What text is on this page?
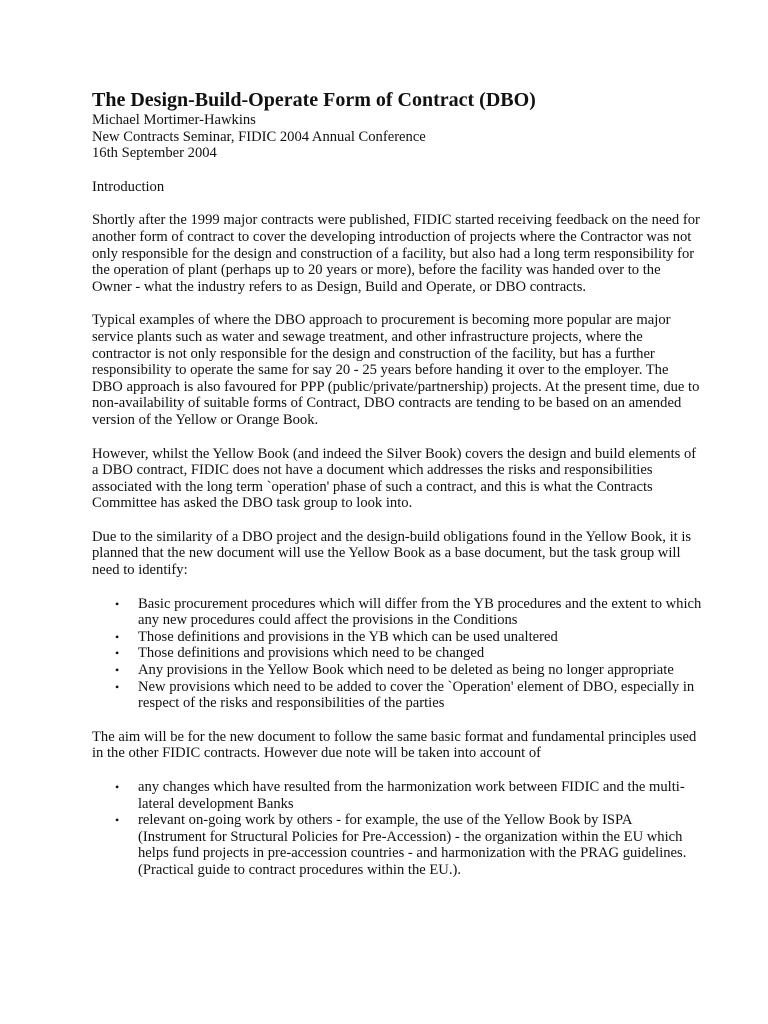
The Design-Build-Operate Form of Contract (DBO)

Michael Mortimer-Hawkins

New Contracts Seminar, FIDIC 2004 Annual Conference

16th September 2004

Introduction

Shortly after the 1999 major contracts were published, FIDIC started receiving feedback on the need for another form of contract to cover the developing introduction of projects where the Contractor was not only responsible for the design and construction of a facility, but also had a long term responsibility for the operation of plant (perhaps up to 20 years or more), before the facility was handed over to the Owner - what the industry refers to as Design, Build and Operate, or DBO contracts.

Typical examples of where the DBO approach to procurement is becoming more popular are major service plants such as water and sewage treatment, and other infrastructure projects, where the contractor is not only responsible for the design and construction of the facility, but has a further responsibility to operate the same for say 20 - 25 years before handing it over to the employer. The DBO approach is also favoured for PPP (public/private/partnership) projects. At the present time, due to non-availability of suitable forms of Contract, DBO contracts are tending to be based on an amended version of the Yellow or Orange Book.

However, whilst the Yellow Book (and indeed the Silver Book) covers the design and build elements of a DBO contract, FIDIC does not have a document which addresses the risks and responsibilities associated with the long term `operation' phase of such a contract, and this is what the Contracts Committee has asked the DBO task group to look into.

Due to the similarity of a DBO project and the design-build obligations found in the Yellow Book, it is planned that the new document will use the Yellow Book as a base document, but the task group will need to identify:

• Basic procurement procedures which will differ from the YB procedures and the extent to which any new procedures could affect the provisions in the Conditions
• Those definitions and provisions in the YB which can be used unaltered
• Those definitions and provisions which need to be changed
• Any provisions in the Yellow Book which need to be deleted as being no longer appropriate
• New provisions which need to be added to cover the `Operation' element of DBO, especially in respect of the risks and responsibilities of the parties

The aim will be for the new document to follow the same basic format and fundamental principles used in the other FIDIC contracts. However due note will be taken into account of

• any changes which have resulted from the harmonization work between FIDIC and the multi-lateral development Banks
• relevant on-going work by others - for example, the use of the Yellow Book by ISPA (Instrument for Structural Policies for Pre-Accession) - the organization within the EU which helps fund projects in pre-accession countries - and harmonization with the PRAG guidelines. (Practical guide to contract procedures within the EU.).
